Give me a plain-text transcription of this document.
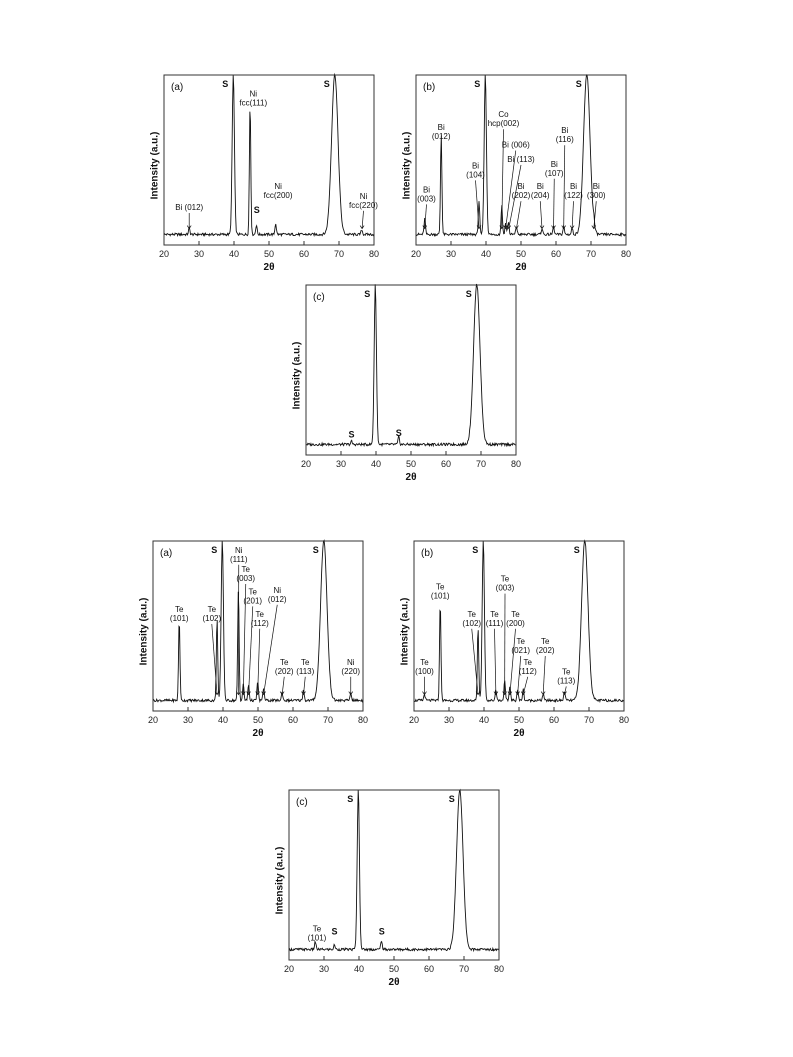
Intensity (a.u.)
20	30	40	50	60	70	80
2θ
(a)	S	S
Ni fcc(111)
Ni fcc(200)
S
Bi (012)
Ni fcc(220)
Intensity (a.u.)
20	30	40	50	60	70	80
2θ
(b)	S	S
Bi (012)
Co hcp(002)
Bi (006)
Bi (113)
Bi (104)
Bi (003)
Bi (202)
Bi (204)
Bi (107)
Bi (116)
Bi (122)
Bi (300)
Intensity (a.u.)
20	30	40	50	60	70	80
2θ
(c)	S	S
S	S
Intensity (a.u.)
20	30	40	50	60	70	80
2θ
(a)	S	S
Te (101)
Te (102)
Ni (111)
Te (003)
Te (201)
Te (112)
Ni (012)
Te (202)
Te (113)
Ni (220)
Intensity (a.u.)
20	30	40	50	60	70	80
2θ
(b)	S	S
Te (101)
Te (102)
Te (003)
Te (111)
Te (200)
Te (021)
Te (112)
Te (202)
Te (113)
Te (100)
Intensity (a.u.)
20	30	40	50	60	70	80
2θ
(c)	S	S
Te (101)
S	S
